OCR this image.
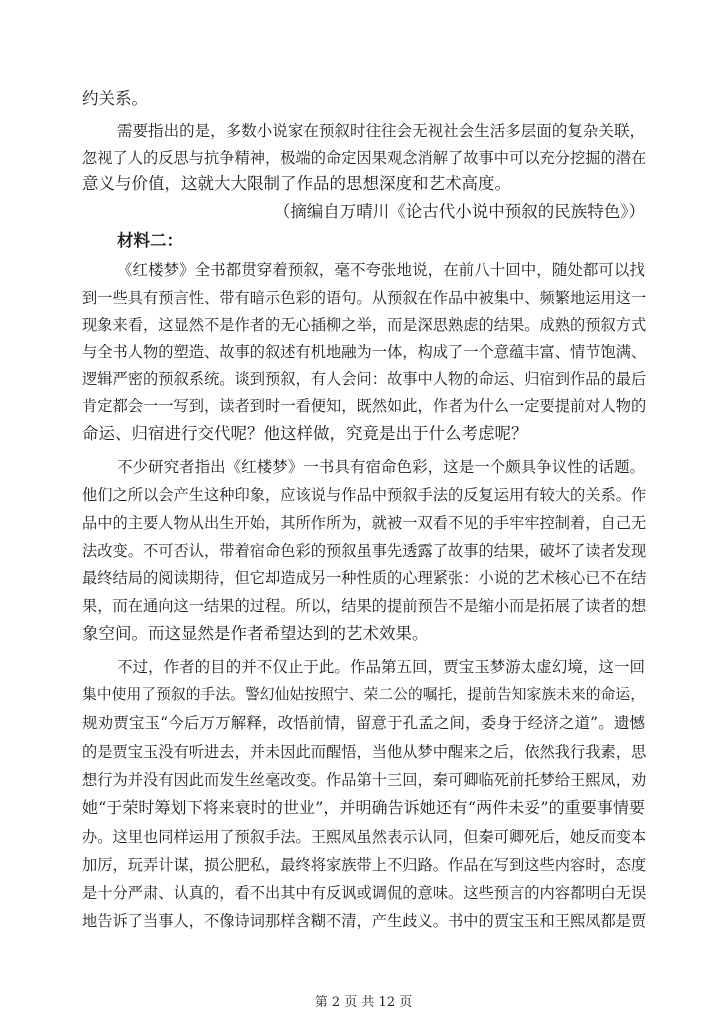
约关系。
需要指出的是，多数小说家在预叙时往往会无视社会生活多层面的复杂关联，
忽视了人的反思与抗争精神，极端的命定因果观念消解了故事中可以充分挖掘的潜在
意义与价值，这就大大限制了作品的思想深度和艺术高度。
（摘编自万晴川《论古代小说中预叙的民族特色》）
材料二：
《红楼梦》全书都贯穿着预叙，毫不夸张地说，在前八十回中，随处都可以找
到一些具有预言性、带有暗示色彩的语句。从预叙在作品中被集中、频繁地运用这一
现象来看，这显然不是作者的无心插柳之举，而是深思熟虑的结果。成熟的预叙方式
与全书人物的塑造、故事的叙述有机地融为一体，构成了一个意蕴丰富、情节饱满、
逻辑严密的预叙系统。谈到预叙，有人会问：故事中人物的命运、归宿到作品的最后
肯定都会一一写到，读者到时一看便知，既然如此，作者为什么一定要提前对人物的
命运、归宿进行交代呢？他这样做，究竟是出于什么考虑呢？
不少研究者指出《红楼梦》一书具有宿命色彩，这是一个颇具争议性的话题。
他们之所以会产生这种印象，应该说与作品中预叙手法的反复运用有较大的关系。作
品中的主要人物从出生开始，其所作所为，就被一双看不见的手牢牢控制着，自己无
法改变。不可否认，带着宿命色彩的预叙虽事先透露了故事的结果，破坏了读者发现
最终结局的阅读期待，但它却造成另一种性质的心理紧张：小说的艺术核心已不在结
果，而在通向这一结果的过程。所以，结果的提前预告不是缩小而是拓展了读者的想
象空间。而这显然是作者希望达到的艺术效果。
不过，作者的目的并不仅止于此。作品第五回，贾宝玉梦游太虚幻境，这一回
集中使用了预叙的手法。警幻仙姑按照宁、荣二公的嘱托，提前告知家族未来的命运，
规劝贾宝玉“今后万万解释，改悟前情，留意于孔孟之间，委身于经济之道”。遗憾
的是贾宝玉没有听进去，并未因此而醒悟，当他从梦中醒来之后，依然我行我素，思
想行为并没有因此而发生丝毫改变。作品第十三回，秦可卿临死前托梦给王熙凤，劝
她“于荣时筹划下将来衰时的世业”，并明确告诉她还有“两件未妥”的重要事情要
办。这里也同样运用了预叙手法。王熙凤虽然表示认同，但秦可卿死后，她反而变本
加厉，玩弄计谋，损公肥私，最终将家族带上不归路。作品在写到这些内容时，态度
是十分严肃、认真的，看不出其中有反讽或调侃的意味。这些预言的内容都明白无误
地告诉了当事人，不像诗词那样含糊不清，产生歧义。书中的贾宝玉和王熙凤都是贾
第 2 页 共 12 页
